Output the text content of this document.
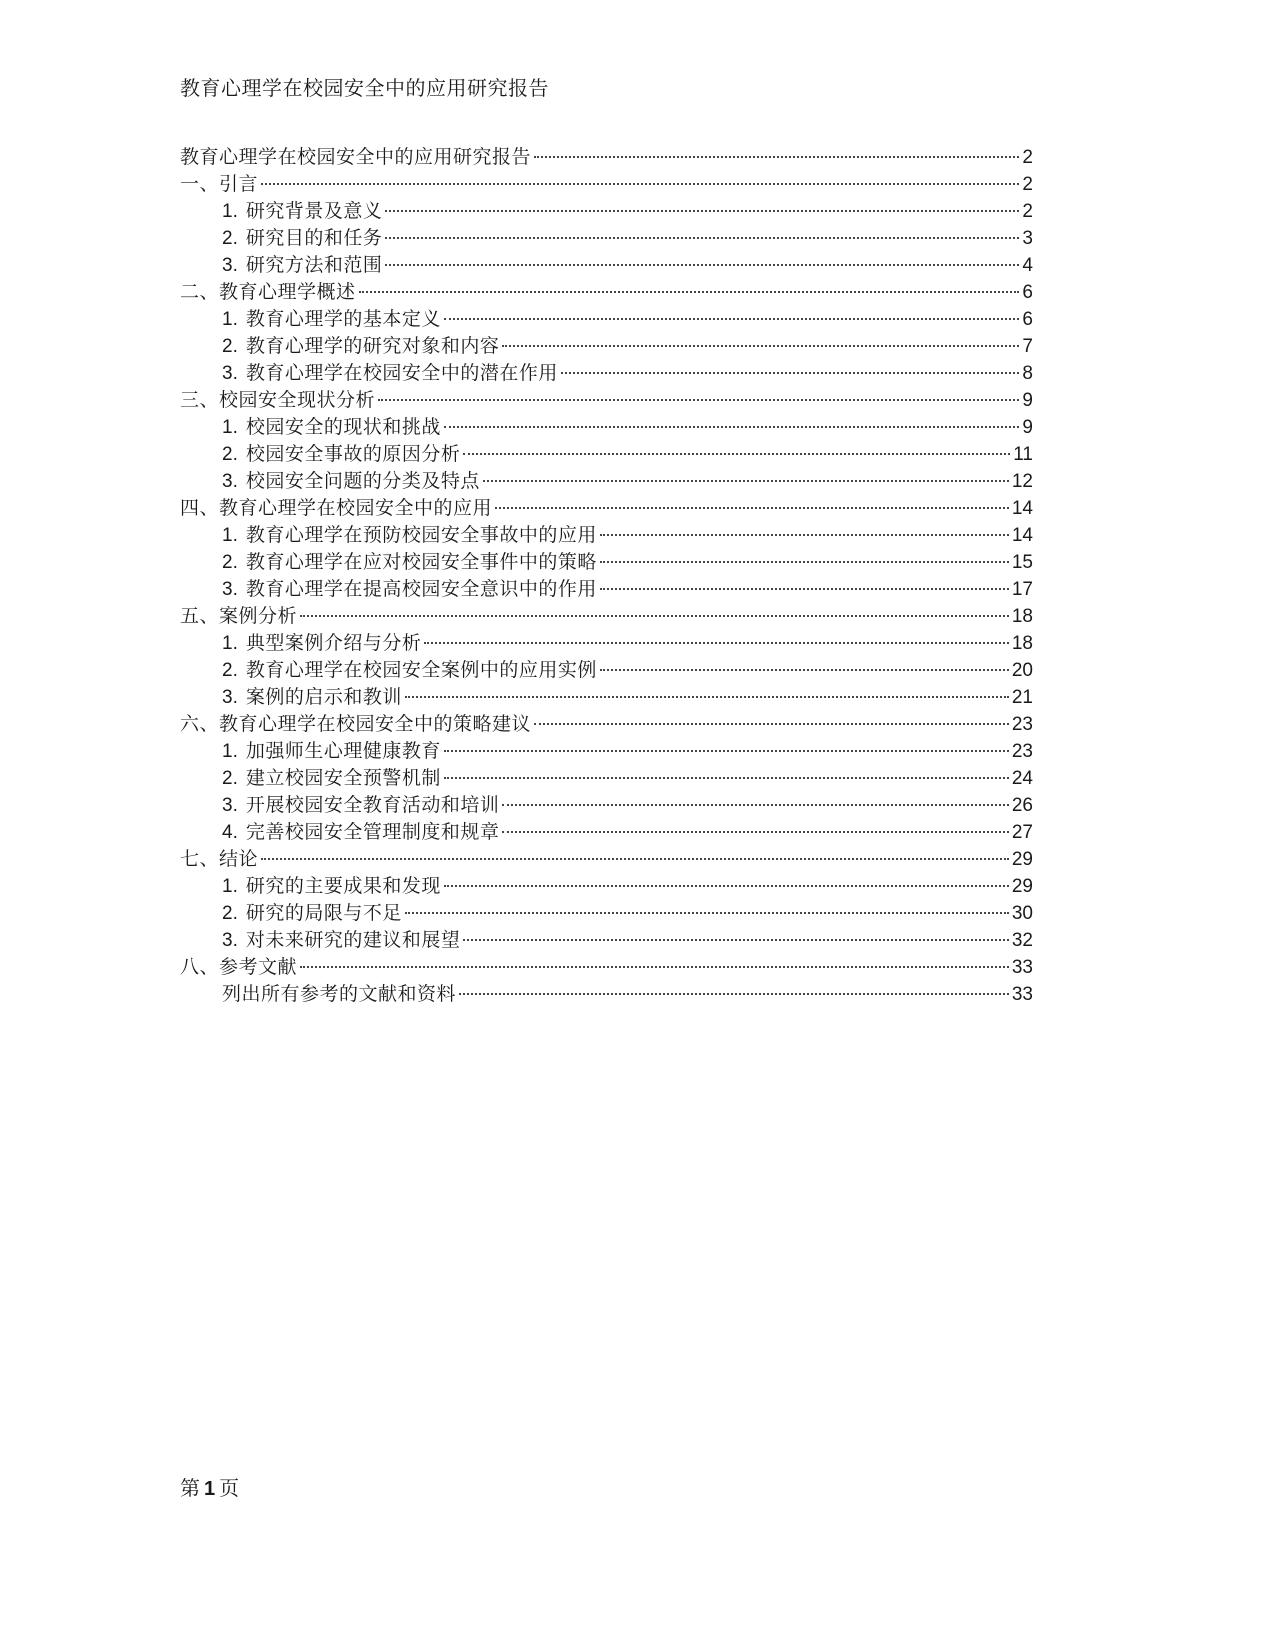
教育心理学在校园安全中的应用研究报告
教育心理学在校园安全中的应用研究报告	2
一、引言	2
1. 研究背景及意义	2
2. 研究目的和任务	3
3. 研究方法和范围	4
二、教育心理学概述	6
1. 教育心理学的基本定义	6
2. 教育心理学的研究对象和内容	7
3. 教育心理学在校园安全中的潜在作用	8
三、校园安全现状分析	9
1. 校园安全的现状和挑战	9
2. 校园安全事故的原因分析	11
3. 校园安全问题的分类及特点	12
四、教育心理学在校园安全中的应用	14
1. 教育心理学在预防校园安全事故中的应用	14
2. 教育心理学在应对校园安全事件中的策略	15
3. 教育心理学在提高校园安全意识中的作用	17
五、案例分析	18
1. 典型案例介绍与分析	18
2. 教育心理学在校园安全案例中的应用实例	20
3. 案例的启示和教训	21
六、教育心理学在校园安全中的策略建议	23
1. 加强师生心理健康教育	23
2. 建立校园安全预警机制	24
3. 开展校园安全教育活动和培训	26
4. 完善校园安全管理制度和规章	27
七、结论	29
1. 研究的主要成果和发现	29
2. 研究的局限与不足	30
3. 对未来研究的建议和展望	32
八、参考文献	33
列出所有参考的文献和资料	33
第 1 页
